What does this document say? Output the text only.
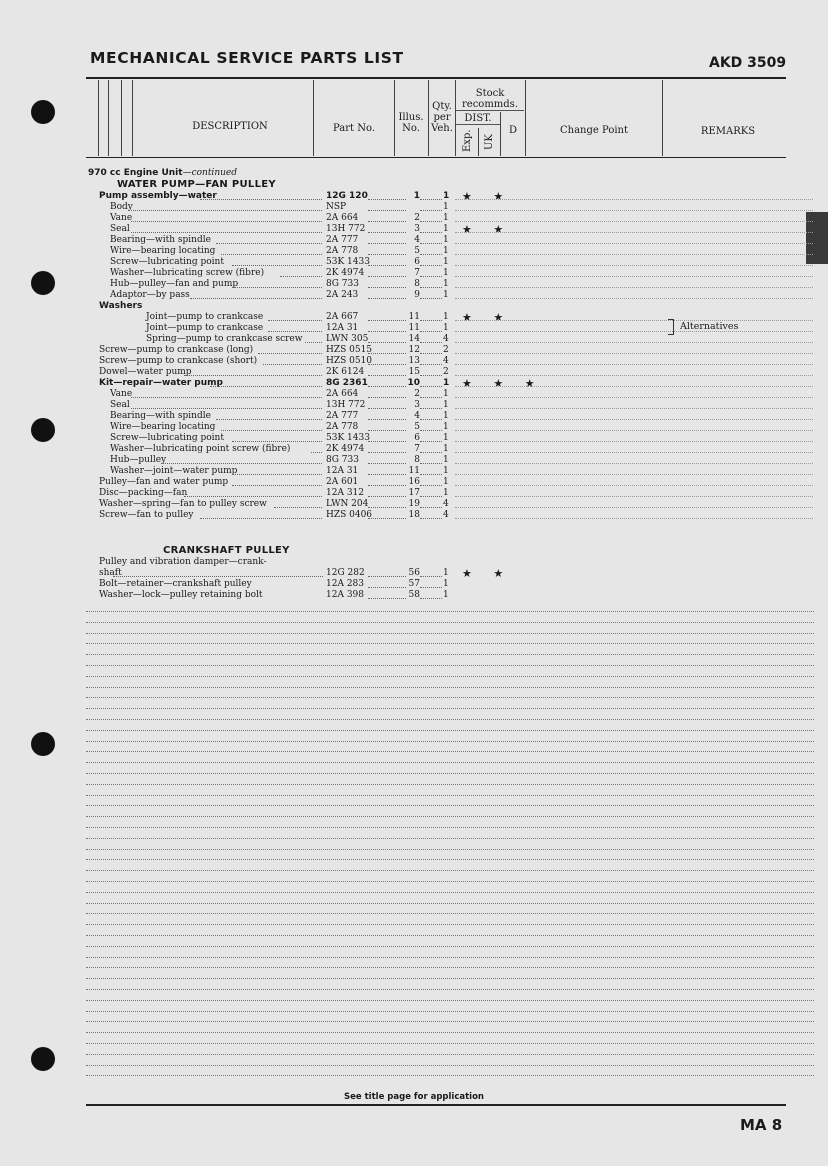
MECHANICAL SERVICE PARTS LIST	AKD 3509
DESCRIPTION	Part No.
Illus.
No.
Qty.
per
Veh.
Stock
recommds.
DIST.
Exp. UK
D	Change Point	REMARKS
970 cc Engine Unit—continued
WATER PUMP—FAN PULLEY
Pump assembly—water	12G 120	1	1 ★ ★
Body	NSP	1
Vane	2A 664	2	1
Seal	13H 772	3	1 ★ ★
Bearing—with spindle	2A 777	4	1
Wire—bearing locating	2A 778	5	1
Screw—lubricating point	53K 1433	6	1
Washer—lubricating screw (fibre)	2K 4974	7	1
Hub—pulley—fan and pump	8G 733	8	1
Adaptor—by pass	2A 243	9	1
Washers
Joint—pump to crankcase	2A 667	11	1 ★ ★
Joint—pump to crankcase	12A 31	11	1
Spring—pump to crankcase screw	LWN 305	14	4
Screw—pump to crankcase (long)	HZS 0515	12	2
Screw—pump to crankcase (short)	HZS 0510	13	4
Dowel—water pump	2K 6124	15	2
Kit—repair—water pump	8G 2361	10	1 ★ ★ ★
Vane	2A 664	2	1
Seal	13H 772	3	1
Bearing—with spindle	2A 777	4	1
Wire—bearing locating	2A 778	5	1
Screw—lubricating point	53K 1433	6	1
Washer—lubricating point screw (fibre)	2K 4974	7	1
Hub—pulley	8G 733	8	1
Washer—joint—water pump	12A 31	11	1
Pulley—fan and water pump	2A 601	16	1
Disc—packing—fan	12A 312	17	1
Washer—spring—fan to pulley screw	LWN 204	19	4
Screw—fan to pulley	HZS 0406	18	4
Alternatives
CRANKSHAFT PULLEY
Pulley and vibration damper—crank-
shaft	12G 282	56	1 ★ ★
Bolt—retainer—crankshaft pulley	12A 283	57	1
Washer—lock—pulley retaining bolt	12A 398	58	1
See title page for application
MA 8
